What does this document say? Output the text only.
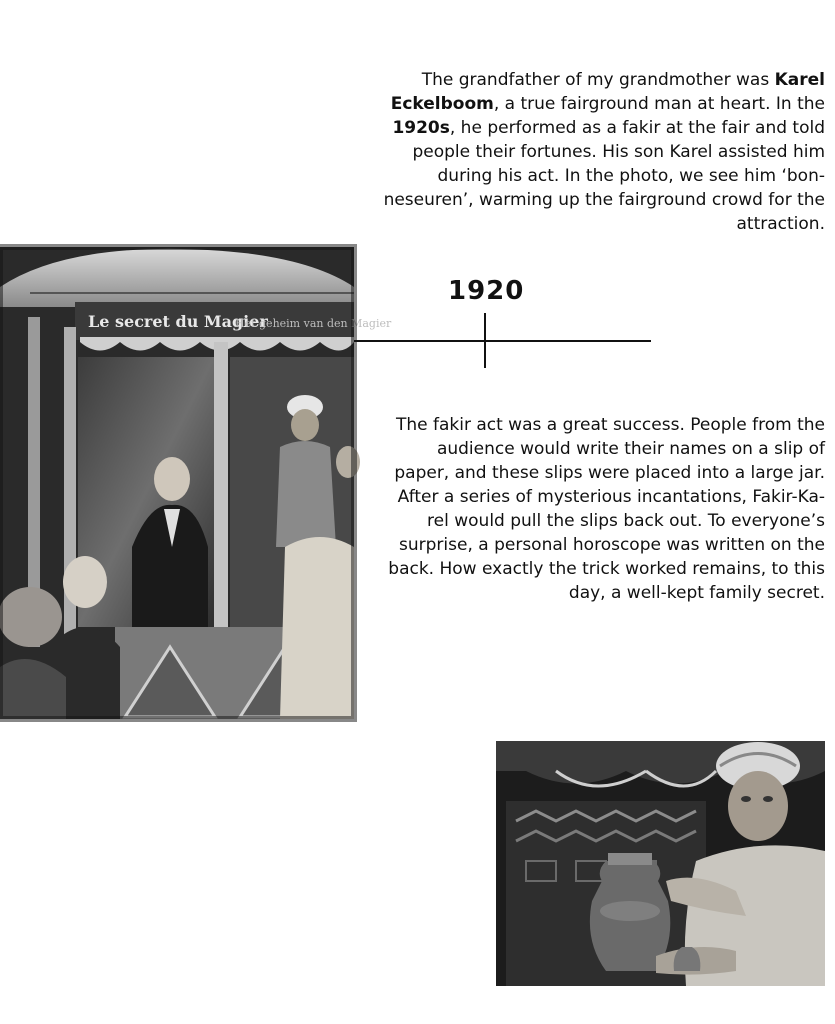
The grandfather of my grandmother was Karel Eckelboom, a true fairground man at heart. In the 1920s, he performed as a fakir at the fair and told people their fortunes. His son Karel assisted him during his act. In the photo, we see him ‘bon-neseuren’, warming up the fairground crowd for the attraction.
1920
The fakir act was a great success. People from the audience would write their names on a slip of paper, and these slips were placed into a large jar. After a series of mysterious incantations, Fakir-Ka-rel would pull the slips back out. To everyone’s surprise, a personal horoscope was written on the back. How exactly the trick worked remains, to this day, a well-kept family secret.
Le secret du Magier
Het geheim van den Magier
